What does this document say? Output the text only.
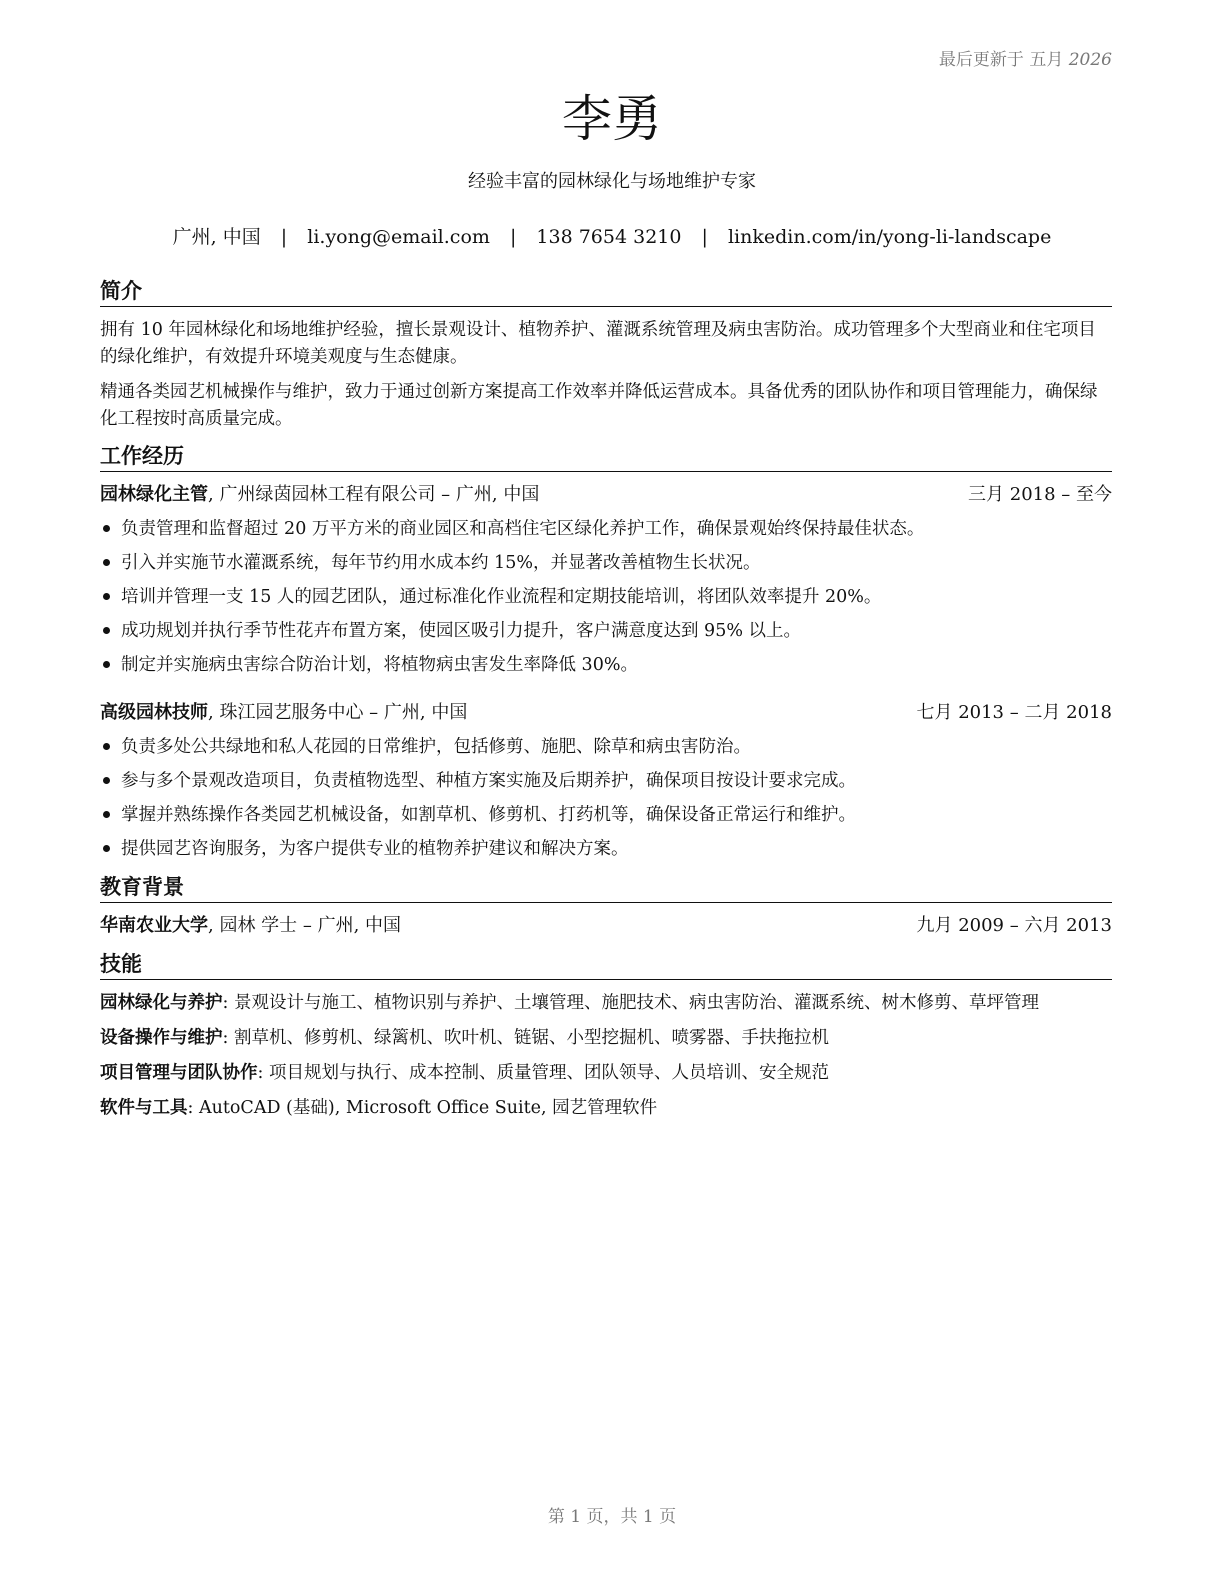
最后更新于 五月 2026
李勇
经验丰富的园林绿化与场地维护专家
广州, 中国 | li.yong@email.com | 138 7654 3210 | linkedin.com/in/yong-li-landscape
简介

拥有 10 年园林绿化和场地维护经验，擅长景观设计、植物养护、灌溉系统管理及病虫害防治。成功管理多个大型商业和住宅项目的绿化维护，有效提升环境美观度与生态健康。

精通各类园艺机械操作与维护，致力于通过创新方案提高工作效率并降低运营成本。具备优秀的团队协作和项目管理能力，确保绿化工程按时高质量完成。

工作经历
园林绿化主管, 广州绿茵园林工程有限公司 – 广州, 中国	三月 2018 – 至今
负责管理和监督超过 20 万平方米的商业园区和高档住宅区绿化养护工作，确保景观始终保持最佳状态。
引入并实施节水灌溉系统，每年节约用水成本约 15%，并显著改善植物生长状况。
培训并管理一支 15 人的园艺团队，通过标准化作业流程和定期技能培训，将团队效率提升 20%。
成功规划并执行季节性花卉布置方案，使园区吸引力提升，客户满意度达到 95% 以上。
制定并实施病虫害综合防治计划，将植物病虫害发生率降低 30%。
高级园林技师, 珠江园艺服务中心 – 广州, 中国	七月 2013 – 二月 2018
负责多处公共绿地和私人花园的日常维护，包括修剪、施肥、除草和病虫害防治。
参与多个景观改造项目，负责植物选型、种植方案实施及后期养护，确保项目按设计要求完成。
掌握并熟练操作各类园艺机械设备，如割草机、修剪机、打药机等，确保设备正常运行和维护。
提供园艺咨询服务，为客户提供专业的植物养护建议和解决方案。
教育背景
华南农业大学, 园林 学士 – 广州, 中国	九月 2009 – 六月 2013
技能

园林绿化与养护: 景观设计与施工、植物识别与养护、土壤管理、施肥技术、病虫害防治、灌溉系统、树木修剪、草坪管理

设备操作与维护: 割草机、修剪机、绿篱机、吹叶机、链锯、小型挖掘机、喷雾器、手扶拖拉机

项目管理与团队协作: 项目规划与执行、成本控制、质量管理、团队领导、人员培训、安全规范

软件与工具: AutoCAD (基础), Microsoft Office Suite, 园艺管理软件

第 1 页，共 1 页
